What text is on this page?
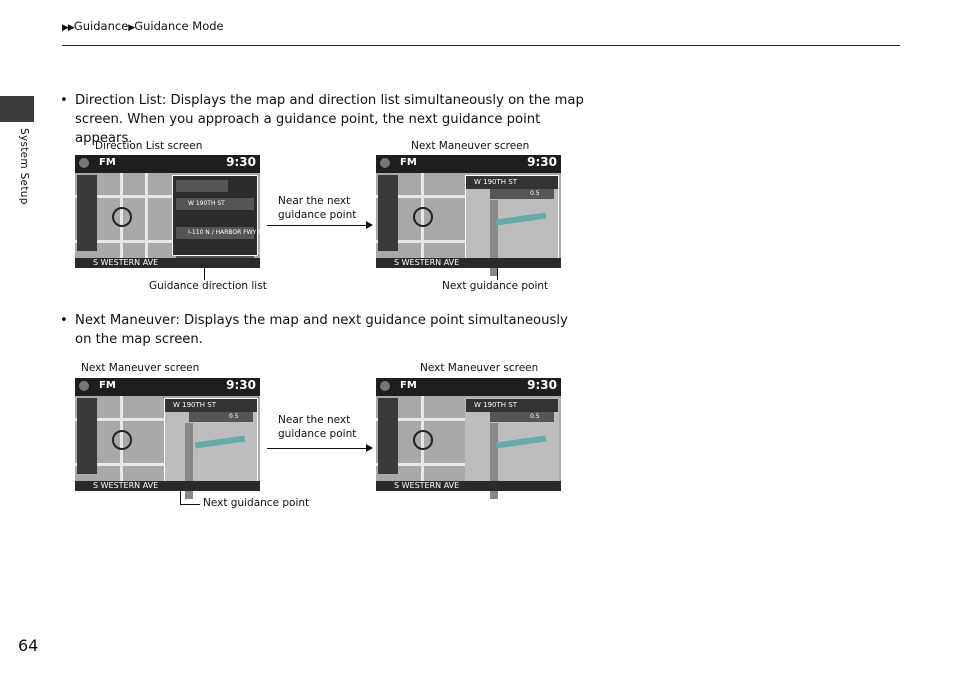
▶▶Guidance▶Guidance Mode
System Setup
• Direction List: Displays the map and direction list simultaneously on the map screen. When you approach a guidance point, the next guidance point appears.
Direction List screen	Next Maneuver screen
FM	9:30
W 190TH ST
I-110 N / HARBOR FWY N
S WESTERN AVE
Near the next guidance point
FM	9:30
W 190TH ST
0.5
S WESTERN AVE
Guidance direction list	Next guidance point
• Next Maneuver: Displays the map and next guidance point simultaneously on the map screen.
Next Maneuver screen	Next Maneuver screen
FM	9:30
W 190TH ST
0.5
S WESTERN AVE
Next guidance point
Near the next guidance point
FM	9:30
W 190TH ST
0.5
S WESTERN AVE
64
